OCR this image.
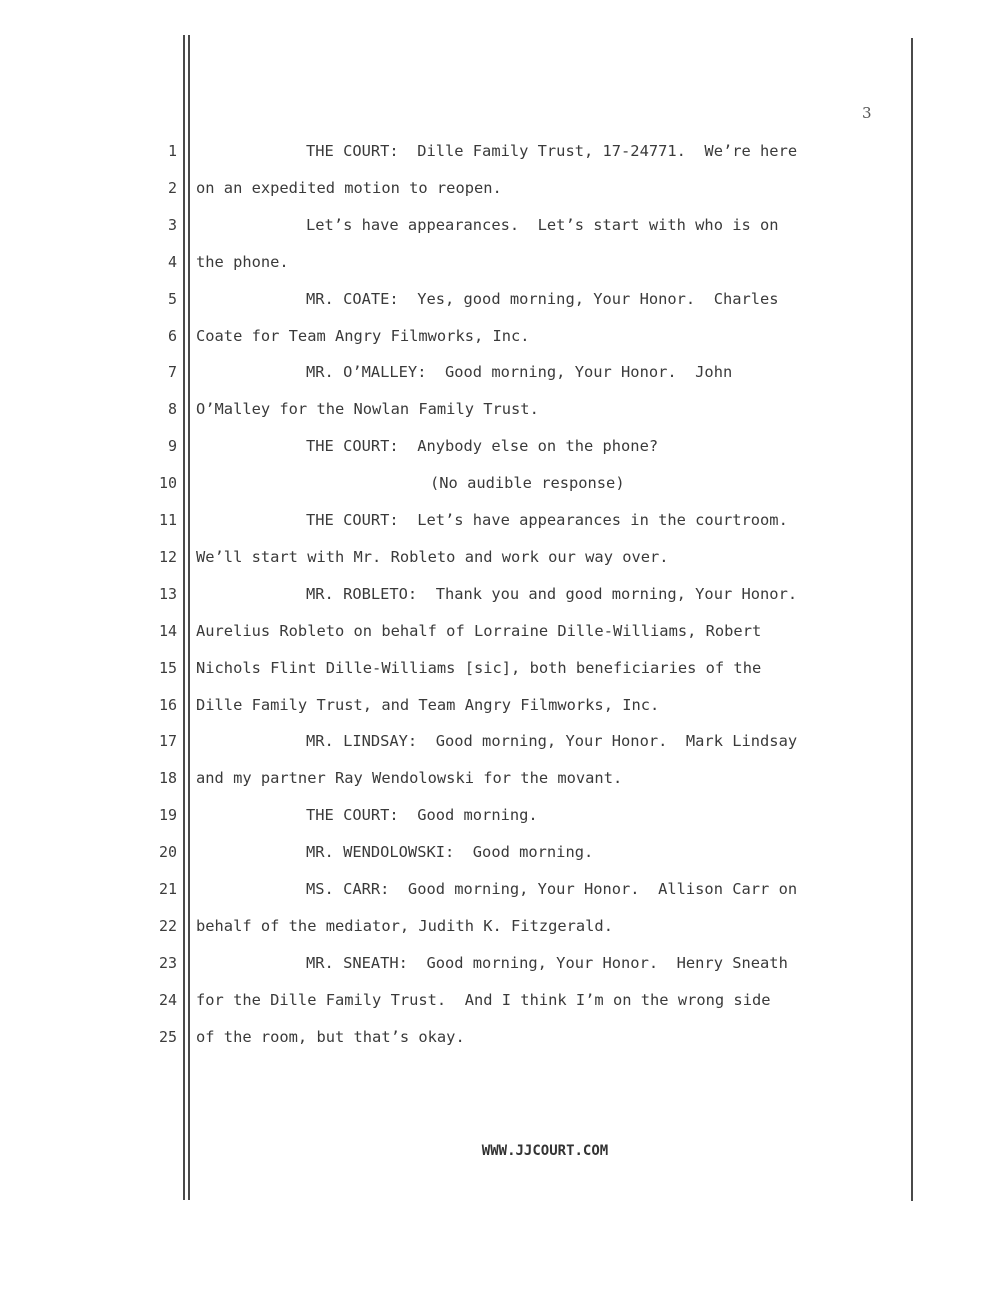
3
1	THE COURT:  Dille Family Trust, 17-24771.  We’re here
2 on an expedited motion to reopen.
3	Let’s have appearances.  Let’s start with who is on
4 the phone.
5	MR. COATE:  Yes, good morning, Your Honor.  Charles
6 Coate for Team Angry Filmworks, Inc.
7	MR. O’MALLEY:  Good morning, Your Honor.  John
8 O’Malley for the Nowlan Family Trust.
9	THE COURT:  Anybody else on the phone?
10	(No audible response)
11	THE COURT:  Let’s have appearances in the courtroom.
12 We’ll start with Mr. Robleto and work our way over.
13	MR. ROBLETO:  Thank you and good morning, Your Honor.
14 Aurelius Robleto on behalf of Lorraine Dille-Williams, Robert
15 Nichols Flint Dille-Williams [sic], both beneficiaries of the
16 Dille Family Trust, and Team Angry Filmworks, Inc.
17	MR. LINDSAY:  Good morning, Your Honor.  Mark Lindsay
18 and my partner Ray Wendolowski for the movant.
19	THE COURT:  Good morning.
20	MR. WENDOLOWSKI:  Good morning.
21	MS. CARR:  Good morning, Your Honor.  Allison Carr on
22 behalf of the mediator, Judith K. Fitzgerald.
23	MR. SNEATH:  Good morning, Your Honor.  Henry Sneath
24 for the Dille Family Trust.  And I think I’m on the wrong side
25 of the room, but that’s okay.
WWW.JJCOURT.COM
